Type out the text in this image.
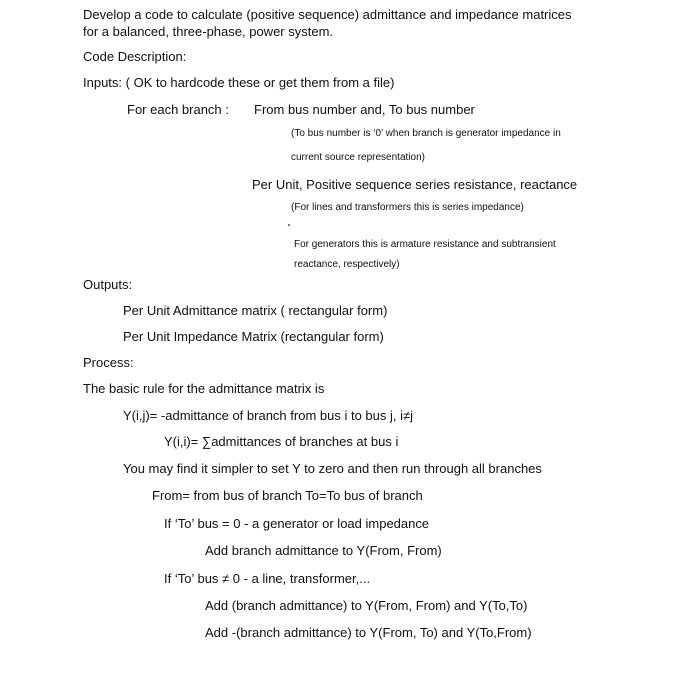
Develop a code to calculate (positive sequence) admittance and impedance matrices

for a balanced, three-phase, power system.

Code Description:

Inputs: ( OK to hardcode these or get them from a file)

For each branch : From bus number and, To bus number

(To bus number is ‘0’ when branch is generator impedance in

current source representation)

Per Unit, Positive sequence series resistance, reactance

(For lines and transformers this is series impedance)

For generators this is armature resistance and subtransient

reactance, respectively)

Outputs:

Per Unit Admittance matrix ( rectangular form)

Per Unit Impedance Matrix (rectangular form)

Process:

The basic rule for the admittance matrix is

Y(i,j)= -admittance of branch from bus i to bus j, i≠j

Y(i,i)= ∑admittances of branches at bus i

You may find it simpler to set Y to zero and then run through all branches

From= from bus of branch To=To bus of branch

If ‘To’ bus = 0 - a generator or load impedance

Add branch admittance to Y(From, From)

If ‘To’ bus ≠ 0 - a line, transformer,...

Add (branch admittance) to Y(From, From) and Y(To,To)

Add -(branch admittance) to Y(From, To) and Y(To,From)
